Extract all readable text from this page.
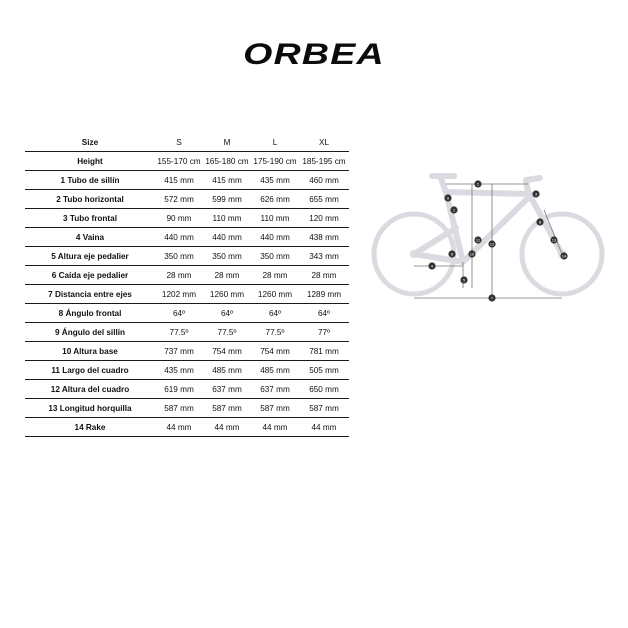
ORBEA
Size	S	M	L	XL
Height	155-170 cm	165-180 cm	175-190 cm	185-195 cm
1 Tubo de sillín	415 mm	415 mm	435 mm	460 mm
2 Tubo horizontal	572 mm	599 mm	626 mm	655 mm
3 Tubo frontal	90 mm	110 mm	110 mm	120 mm
4 Vaina	440 mm	440 mm	440 mm	438 mm
5 Altura eje pedalier	350 mm	350 mm	350 mm	343 mm
6 Caída eje pedalier	28 mm	28 mm	28 mm	28 mm
7 Distancia entre ejes	1202 mm	1260 mm	1260 mm	1289 mm
8 Ángulo frontal	64º	64º	64º	64º
9 Ángulo del sillín	77.5º	77.5º	77.5º	77º
10 Altura base	737 mm	754 mm	754 mm	781 mm
11 Largo del cuadro	435 mm	485 mm	485 mm	505 mm
12 Altura del cuadro	619 mm	637 mm	637 mm	650 mm
13 Longitud horquilla	587 mm	587 mm	587 mm	587 mm
14 Rake	44 mm	44 mm	44 mm	44 mm
1
2
3
4
5
6
7
8
9
10
11
12
13
14
